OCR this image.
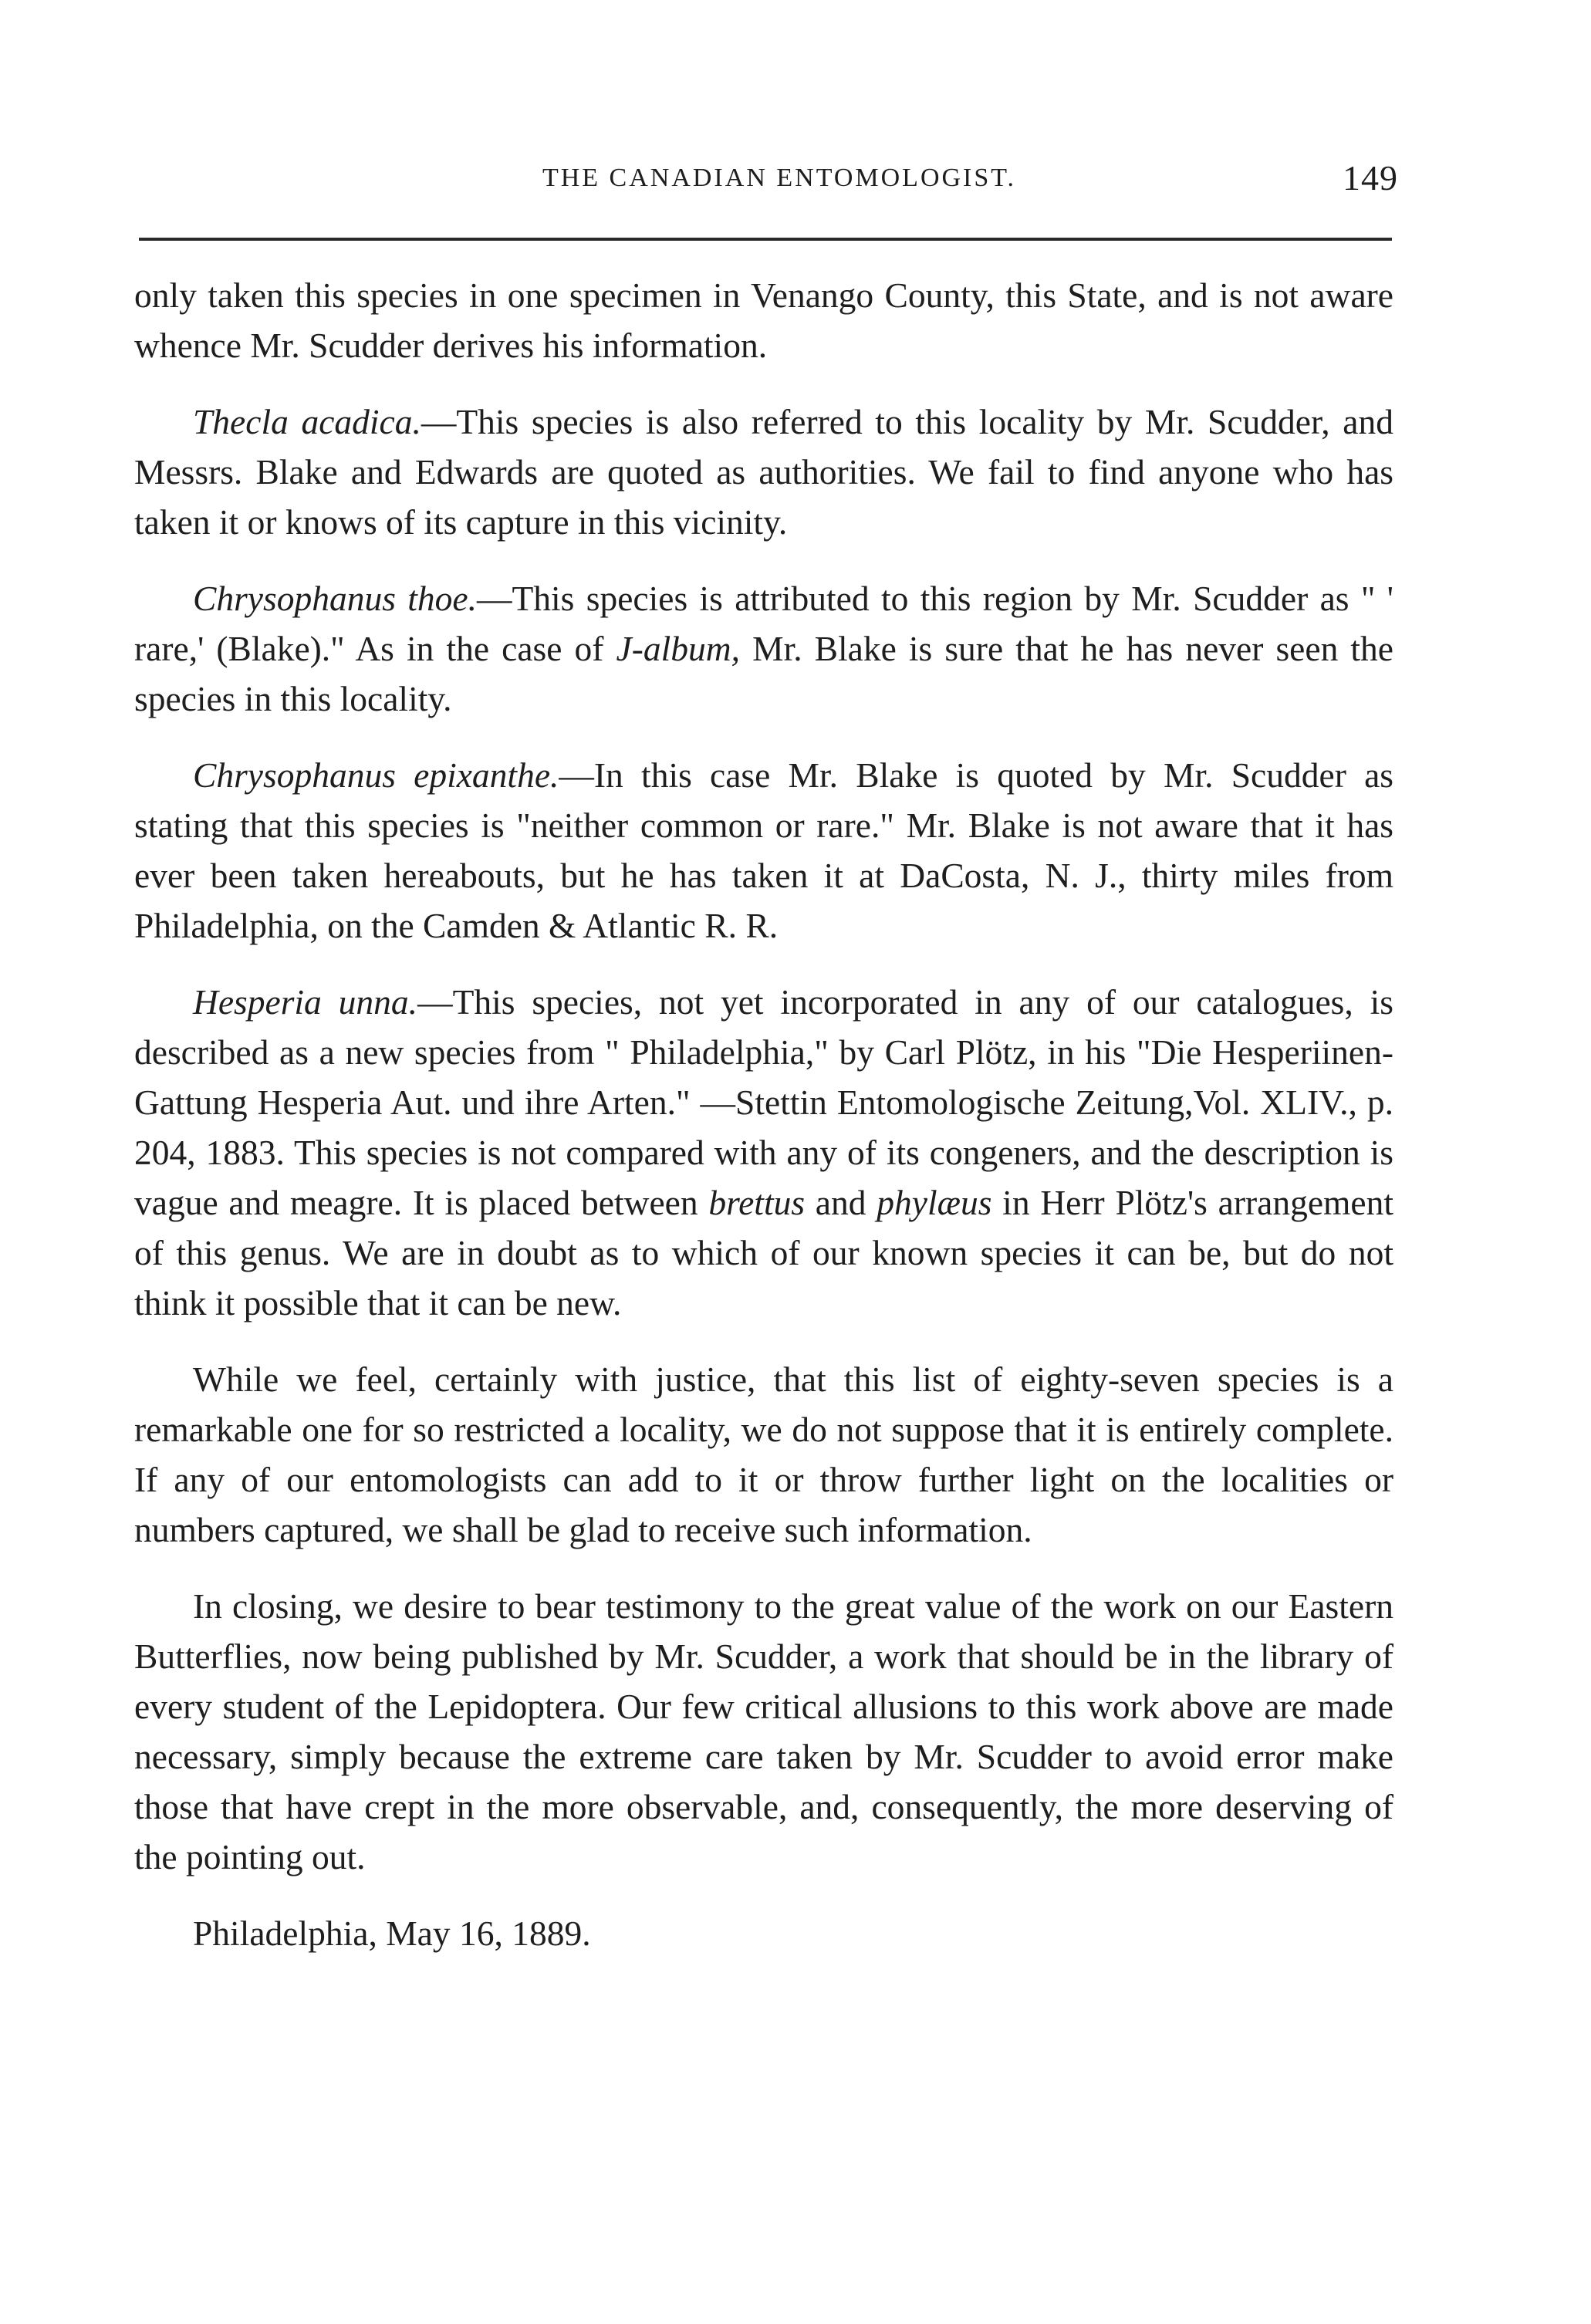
THE CANADIAN ENTOMOLOGIST.	149

only taken this species in one specimen in Venango County, this State, and is not aware whence Mr. Scudder derives his information.

Thecla acadica.—This species is also referred to this locality by Mr. Scudder, and Messrs. Blake and Edwards are quoted as authorities. We fail to find anyone who has taken it or knows of its capture in this vicinity.

Chrysophanus thoe.—This species is attributed to this region by Mr. Scudder as " ' rare,' (Blake)." As in the case of J-album, Mr. Blake is sure that he has never seen the species in this locality.

Chrysophanus epixanthe.—In this case Mr. Blake is quoted by Mr. Scudder as stating that this species is "neither common or rare." Mr. Blake is not aware that it has ever been taken hereabouts, but he has taken it at DaCosta, N. J., thirty miles from Philadelphia, on the Camden & Atlantic R. R.

Hesperia unna.—This species, not yet incorporated in any of our catalogues, is described as a new species from " Philadelphia," by Carl Plötz, in his "Die Hesperiinen-Gattung Hesperia Aut. und ihre Arten." —Stettin Entomologische Zeitung,Vol. XLIV., p. 204, 1883. This species is not compared with any of its congeners, and the description is vague and meagre. It is placed between brettus and phylæus in Herr Plötz's arrangement of this genus. We are in doubt as to which of our known species it can be, but do not think it possible that it can be new.

While we feel, certainly with justice, that this list of eighty-seven species is a remarkable one for so restricted a locality, we do not suppose that it is entirely complete. If any of our entomologists can add to it or throw further light on the localities or numbers captured, we shall be glad to receive such information.

In closing, we desire to bear testimony to the great value of the work on our Eastern Butterflies, now being published by Mr. Scudder, a work that should be in the library of every student of the Lepidoptera. Our few critical allusions to this work above are made necessary, simply because the extreme care taken by Mr. Scudder to avoid error make those that have crept in the more observable, and, consequently, the more deserving of the pointing out.

Philadelphia, May 16, 1889.
